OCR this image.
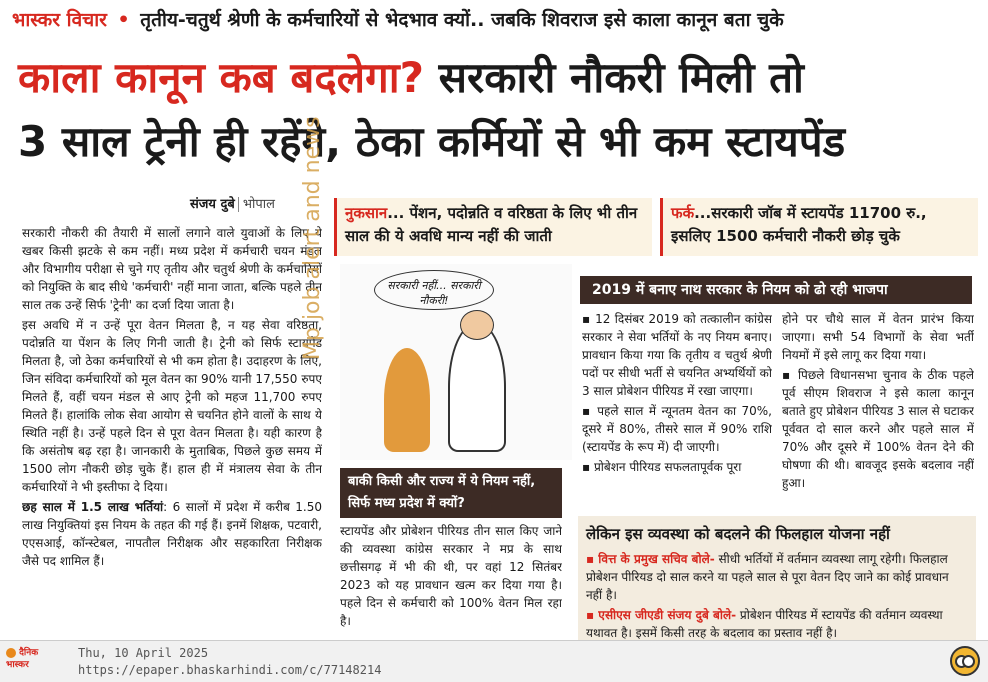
भास्कर विचार • तृतीय-चतुर्थ श्रेणी के कर्मचारियों से भेदभाव क्यों.. जबकि शिवराज इसे काला कानून बता चुके
काला कानून कब बदलेगा? सरकारी नौकरी मिली तो
3 साल ट्रेनी ही रहेंगे, ठेका कर्मियों से भी कम स्टायपेंड
संजय दुबे भोपाल	नुकसान... पेंशन, पदोन्नति व वरिष्ठता के लिए भी तीन साल की ये अवधि मान्य नहीं की जाती
फर्क...सरकारी जॉब में स्टायपेंड 11700 रु., इसलिए 1500 कर्मचारी नौकरी छोड़ चुके

सरकारी नौकरी की तैयारी में सालों लगाने वाले युवाओं के लिए ये खबर किसी झटके से कम नहीं। मध्य प्रदेश में कर्मचारी चयन मंडल और विभागीय परीक्षा से चुने गए तृतीय और चतुर्थ श्रेणी के कर्मचारियों को नियुक्ति के बाद सीधे 'कर्मचारी' नहीं माना जाता, बल्कि पहले तीन साल तक उन्हें सिर्फ 'ट्रेनी' का दर्जा दिया जाता है।

इस अवधि में न उन्हें पूरा वेतन मिलता है, न यह सेवा वरिष्ठता, पदोन्नति या पेंशन के लिए गिनी जाती है। ट्रेनी को सिर्फ स्टायपेंड मिलता है, जो ठेका कर्मचारियों से भी कम होता है। उदाहरण के लिए, जिन संविदा कर्मचारियों को मूल वेतन का 90% यानी 17,550 रुपए मिलते हैं, वहीं चयन मंडल से आए ट्रेनी को महज 11,700 रुपए मिलते हैं। हालांकि लोक सेवा आयोग से चयनित होने वालों के साथ ये स्थिति नहीं है। उन्हें पहले दिन से पूरा वेतन मिलता है। यही कारण है कि असंतोष बढ़ रहा है। जानकारी के मुताबिक, पिछले कुछ समय में 1500 लोग नौकरी छोड़ चुके हैं। हाल ही में मंत्रालय सेवा के तीन कर्मचारियों ने भी इस्तीफा दे दिया।

छह साल में 1.5 लाख भर्तियां: 6 सालों में प्रदेश में करीब 1.50 लाख नियुक्तियां इस नियम के तहत की गई हैं। इनमें शिक्षक, पटवारी, एएसआई, कॉन्स्टेबल, नापतौल निरीक्षक और सहकारिता निरीक्षक जैसे पद शामिल हैं।

सरकारी नहीं... सरकारी नौकरी!
बाकी किसी और राज्य में ये नियम नहीं, सिर्फ मध्य प्रदेश में क्यों?
स्टायपेंड और प्रोबेशन पीरियड तीन साल किए जाने की व्यवस्था कांग्रेस सरकार ने मप्र के साथ छत्तीसगढ़ में भी की थी, पर वहां 12 सितंबर 2023 को यह प्रावधान खत्म कर दिया गया है। पहले दिन से कर्मचारी को 100% वेतन मिल रहा है।
2019 में बनाए नाथ सरकार के नियम को ढो रही भाजपा

▪ 12 दिसंबर 2019 को तत्कालीन कांग्रेस सरकार ने सेवा भर्तियों के नए नियम बनाए। प्रावधान किया गया कि तृतीय व चतुर्थ श्रेणी पदों पर सीधी भर्ती से चयनित अभ्यर्थियों को 3 साल प्रोबेशन पीरियड में रखा जाएगा।

▪ पहले साल में न्यूनतम वेतन का 70%, दूसरे में 80%, तीसरे साल में 90% राशि (स्टायपेंड के रूप में) दी जाएगी।

▪ प्रोबेशन पीरियड सफलतापूर्वक पूरा

होने पर चौथे साल में वेतन प्रारंभ किया जाएगा। सभी 54 विभागों के सेवा भर्ती नियमों में इसे लागू कर दिया गया।

▪ पिछले विधानसभा चुनाव के ठीक पहले पूर्व सीएम शिवराज ने इसे काला कानून बताते हुए प्रोबेशन पीरियड 3 साल से घटाकर पूर्ववत दो साल करने और पहले साल में 70% और दूसरे में 100% वेतन देने की घोषणा की थी। बावजूद इसके बदलाव नहीं हुआ।

लेकिन इस व्यवस्था को बदलने की फिलहाल योजना नहीं

▪ वित्त के प्रमुख सचिव बोले- सीधी भर्तियों में वर्तमान व्यवस्था लागू रहेगी। फिलहाल प्रोबेशन पीरियड दो साल करने या पहले साल से पूरा वेतन दिए जाने का कोई प्रावधान नहीं है।

▪ एसीएस जीएडी संजय दुबे बोले- प्रोबेशन पीरियड में स्टायपेंड की वर्तमान व्यवस्था यथावत है। इसमें किसी तरह के बदलाव का प्रस्ताव नहीं है।

Mp job alert and news
दैनिक भास्कर
Thu, 10 April 2025
https://epaper.bhaskarhindi.com/c/77148214
